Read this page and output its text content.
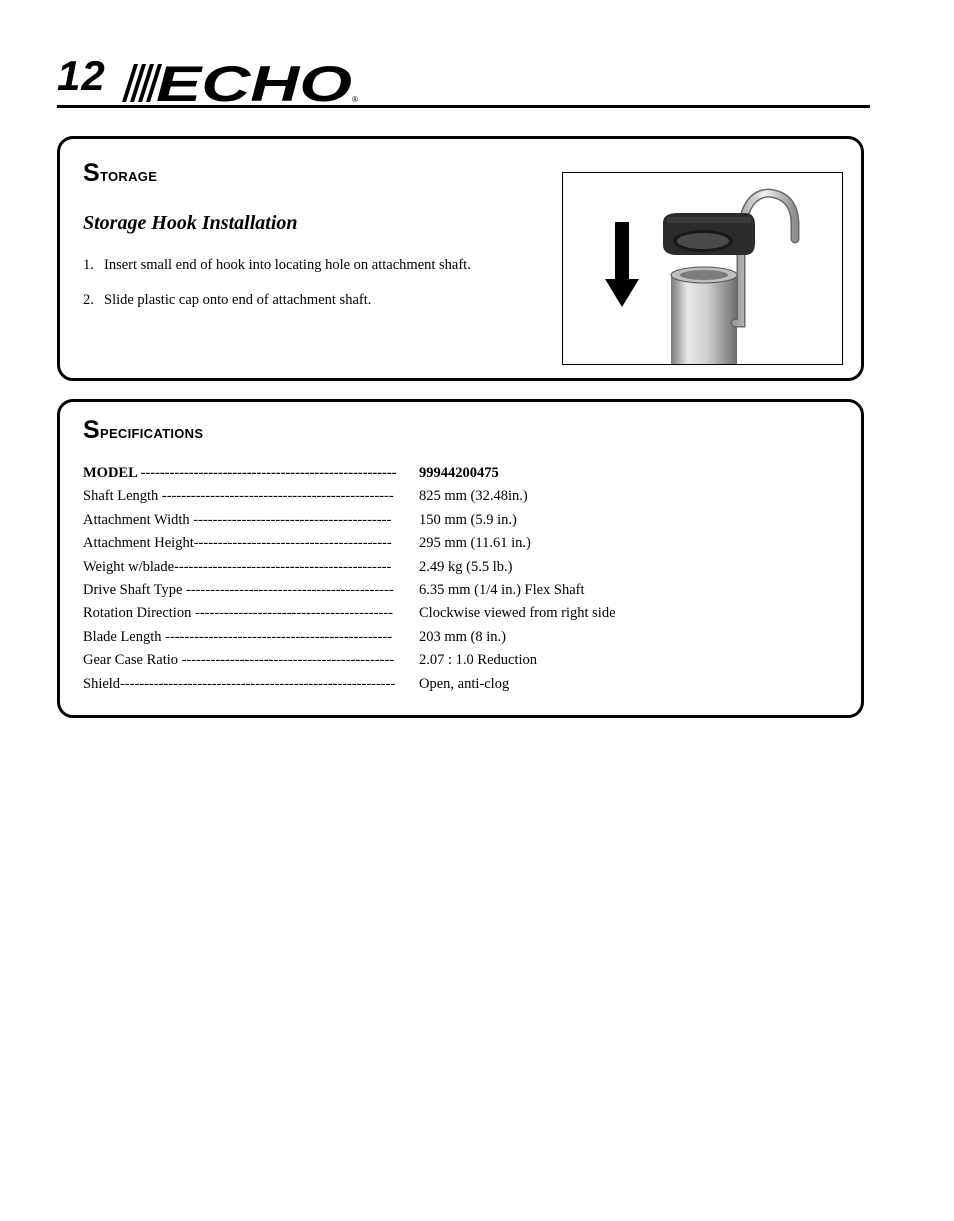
12 ECHO ®
Storage
Storage Hook Installation
1. Insert small end of hook into locating hole on attachment shaft.
2. Slide plastic cap onto end of attachment shaft.
Specifications
MODEL ----------------------------------------------------- 99944200475
Shaft Length ------------------------------------------------ 825 mm (32.48in.)
Attachment Width ----------------------------------------- 150 mm (5.9 in.)
Attachment Height----------------------------------------- 295 mm (11.61 in.)
Weight w/blade--------------------------------------------- 2.49 kg (5.5 lb.)
Drive Shaft Type ------------------------------------------- 6.35 mm (1/4 in.) Flex Shaft
Rotation Direction ----------------------------------------- Clockwise viewed from right side
Blade Length ----------------------------------------------- 203 mm (8 in.)
Gear Case Ratio -------------------------------------------- 2.07 : 1.0 Reduction
Shield--------------------------------------------------------- Open, anti-clog
